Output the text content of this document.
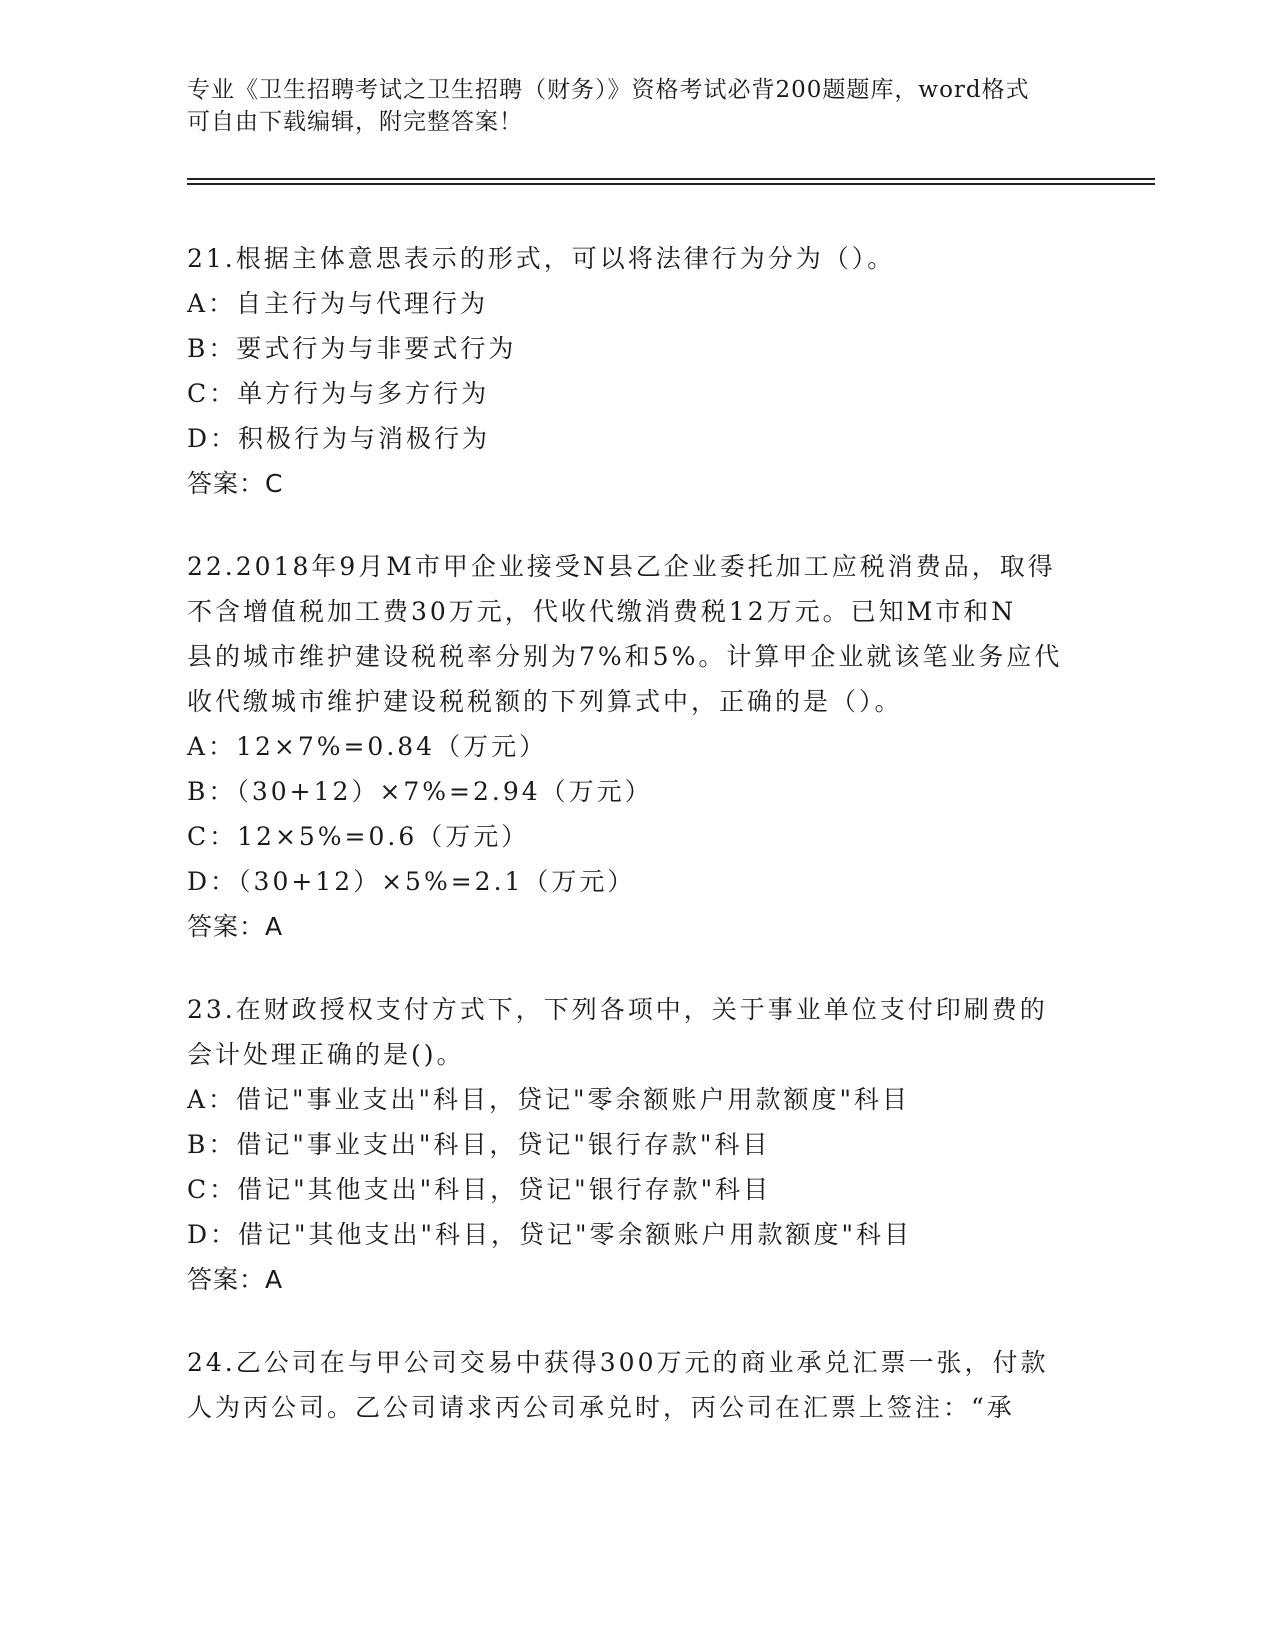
专业《卫生招聘考试之卫生招聘（财务）》资格考试必背200题题库，word格式
可自由下载编辑，附完整答案！
21.根据主体意思表示的形式，可以将法律行为分为（）。
A：自主行为与代理行为
B：要式行为与非要式行为
C：单方行为与多方行为
D：积极行为与消极行为
答案：C
22.2018年9月M市甲企业接受N县乙企业委托加工应税消费品，取得
不含增值税加工费30万元，代收代缴消费税12万元。已知M市和N
县的城市维护建设税税率分别为7%和5%。计算甲企业就该笔业务应代
收代缴城市维护建设税税额的下列算式中，正确的是（）。
A：12×7%=0.84（万元）
B：（30+12）×7%=2.94（万元）
C：12×5%=0.6（万元）
D：（30+12）×5%=2.1（万元）
答案：A
23.在财政授权支付方式下，下列各项中，关于事业单位支付印刷费的
会计处理正确的是()。
A：借记"事业支出"科目，贷记"零余额账户用款额度"科目
B：借记"事业支出"科目，贷记"银行存款"科目
C：借记"其他支出"科目，贷记"银行存款"科目
D：借记"其他支出"科目，贷记"零余额账户用款额度"科目
答案：A
24.乙公司在与甲公司交易中获得300万元的商业承兑汇票一张，付款
人为丙公司。乙公司请求丙公司承兑时，丙公司在汇票上签注：“承
